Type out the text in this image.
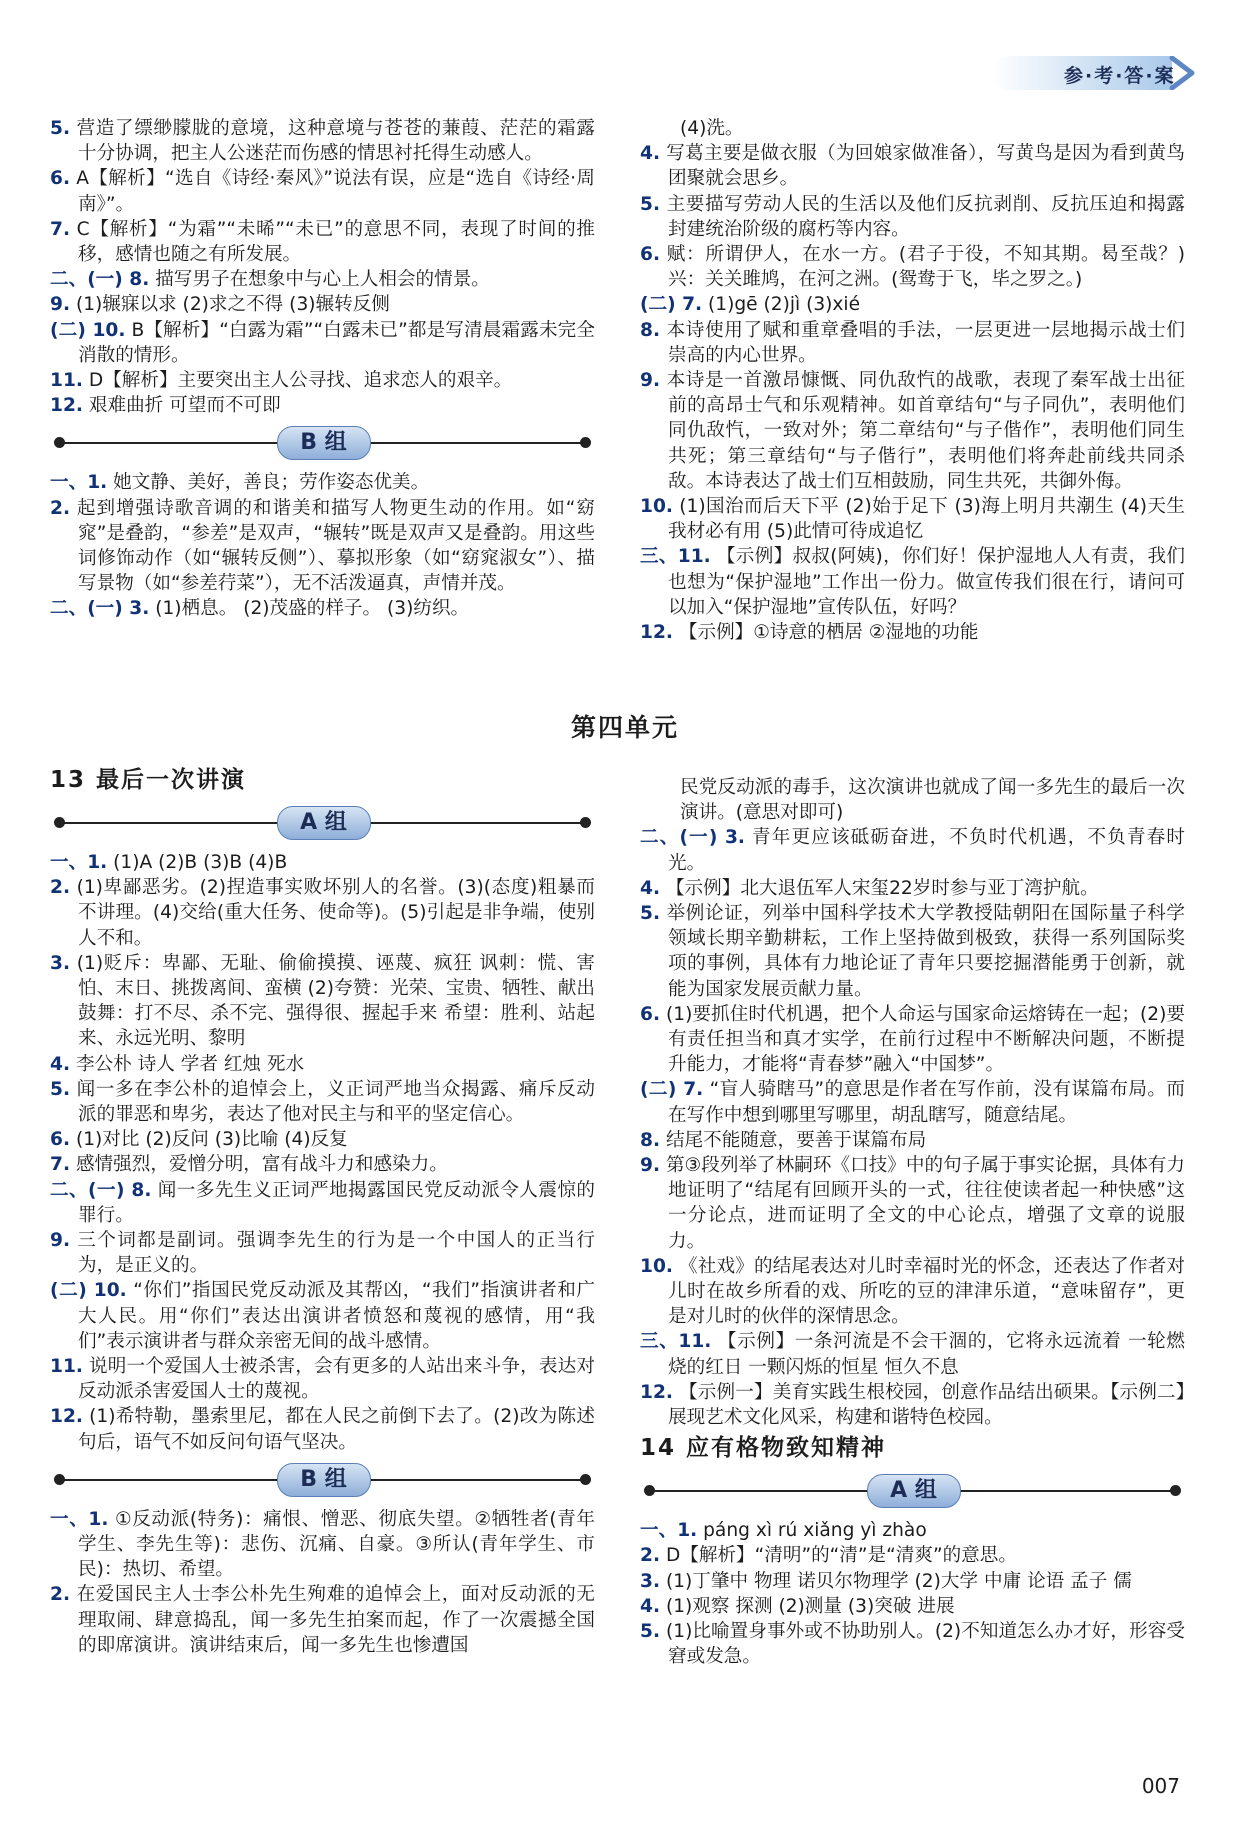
参·考·答·案

5. 营造了缥缈朦胧的意境，这种意境与苍苍的蒹葭、茫茫的霜露十分协调，把主人公迷茫而伤感的情思衬托得生动感人。

6. A【解析】“选自《诗经·秦风》”说法有误，应是“选自《诗经·周南》”。

7. C【解析】“为霜”“未晞”“未已”的意思不同，表现了时间的推移，感情也随之有所发展。

二、(一) 8. 描写男子在想象中与心上人相会的情景。

9. (1)辗寐以求 (2)求之不得 (3)辗转反侧

(二) 10. B【解析】“白露为霜”“白露未已”都是写清晨霜露未完全消散的情形。

11. D【解析】主要突出主人公寻找、追求恋人的艰辛。

12. 艰难曲折 可望而不可即

B 组

一、1. 她文静、美好，善良；劳作姿态优美。

2. 起到增强诗歌音调的和谐美和描写人物更生动的作用。如“窈窕”是叠韵，“参差”是双声，“辗转”既是双声又是叠韵。用这些词修饰动作（如“辗转反侧”）、摹拟形象（如“窈窕淑女”）、描写景物（如“参差荇菜”），无不活泼逼真，声情并茂。

二、(一) 3. (1)栖息。 (2)茂盛的样子。 (3)纺织。

(4)洗。

4. 写葛主要是做衣服（为回娘家做准备），写黄鸟是因为看到黄鸟团聚就会思乡。

5. 主要描写劳动人民的生活以及他们反抗剥削、反抗压迫和揭露封建统治阶级的腐朽等内容。

6. 赋：所谓伊人，在水一方。(君子于役，不知其期。曷至哉？)兴：关关雎鸠，在河之洲。(鸳鸯于飞，毕之罗之。)

(二) 7. (1)gē (2)jì (3)xié

8. 本诗使用了赋和重章叠唱的手法，一层更进一层地揭示战士们崇高的内心世界。

9. 本诗是一首激昂慷慨、同仇敌忾的战歌，表现了秦军战士出征前的高昂士气和乐观精神。如首章结句“与子同仇”，表明他们同仇敌忾，一致对外；第二章结句“与子偕作”，表明他们同生共死；第三章结句“与子偕行”，表明他们将奔赴前线共同杀敌。本诗表达了战士们互相鼓励，同生共死，共御外侮。

10. (1)国治而后天下平 (2)始于足下 (3)海上明月共潮生 (4)天生我材必有用 (5)此情可待成追忆

三、11. 【示例】叔叔(阿姨)，你们好！保护湿地人人有责，我们也想为“保护湿地”工作出一份力。做宣传我们很在行，请问可以加入“保护湿地”宣传队伍，好吗？

12. 【示例】①诗意的栖居 ②湿地的功能

第四单元

13 最后一次讲演

A 组

一、1. (1)A (2)B (3)B (4)B

2. (1)卑鄙恶劣。(2)捏造事实败坏别人的名誉。(3)(态度)粗暴而不讲理。(4)交给(重大任务、使命等)。(5)引起是非争端，使别人不和。

3. (1)贬斥：卑鄙、无耻、偷偷摸摸、诬蔑、疯狂 讽刺：慌、害怕、末日、挑拨离间、蛮横 (2)夸赞：光荣、宝贵、牺牲、献出 鼓舞：打不尽、杀不完、强得很、握起手来 希望：胜利、站起来、永远光明、黎明

4. 李公朴 诗人 学者 红烛 死水

5. 闻一多在李公朴的追悼会上，义正词严地当众揭露、痛斥反动派的罪恶和卑劣，表达了他对民主与和平的坚定信心。

6. (1)对比 (2)反问 (3)比喻 (4)反复

7. 感情强烈，爱憎分明，富有战斗力和感染力。

二、(一) 8. 闻一多先生义正词严地揭露国民党反动派令人震惊的罪行。

9. 三个词都是副词。强调李先生的行为是一个中国人的正当行为，是正义的。

(二) 10. “你们”指国民党反动派及其帮凶，“我们”指演讲者和广大人民。用“你们”表达出演讲者愤怒和蔑视的感情，用“我们”表示演讲者与群众亲密无间的战斗感情。

11. 说明一个爱国人士被杀害，会有更多的人站出来斗争，表达对反动派杀害爱国人士的蔑视。

12. (1)希特勒，墨索里尼，都在人民之前倒下去了。(2)改为陈述句后，语气不如反问句语气坚决。

B 组

一、1. ①反动派(特务)：痛恨、憎恶、彻底失望。②牺牲者(青年学生、李先生等)：悲伤、沉痛、自豪。③所认(青年学生、市民)：热切、希望。

2. 在爱国民主人士李公朴先生殉难的追悼会上，面对反动派的无理取闹、肆意捣乱，闻一多先生拍案而起，作了一次震撼全国的即席演讲。演讲结束后，闻一多先生也惨遭国

民党反动派的毒手，这次演讲也就成了闻一多先生的最后一次演讲。(意思对即可)

二、(一) 3. 青年更应该砥砺奋进，不负时代机遇，不负青春时光。

4. 【示例】北大退伍军人宋玺22岁时参与亚丁湾护航。

5. 举例论证，列举中国科学技术大学教授陆朝阳在国际量子科学领域长期辛勤耕耘，工作上坚持做到极致，获得一系列国际奖项的事例，具体有力地论证了青年只要挖掘潜能勇于创新，就能为国家发展贡献力量。

6. (1)要抓住时代机遇，把个人命运与国家命运熔铸在一起；(2)要有责任担当和真才实学，在前行过程中不断解决问题，不断提升能力，才能将“青春梦”融入“中国梦”。

(二) 7. “盲人骑瞎马”的意思是作者在写作前，没有谋篇布局。而在写作中想到哪里写哪里，胡乱瞎写，随意结尾。

8. 结尾不能随意，要善于谋篇布局

9. 第③段列举了林嗣环《口技》中的句子属于事实论据，具体有力地证明了“结尾有回顾开头的一式，往往使读者起一种快感”这一分论点，进而证明了全文的中心论点，增强了文章的说服力。

10. 《社戏》的结尾表达对儿时幸福时光的怀念，还表达了作者对儿时在故乡所看的戏、所吃的豆的津津乐道，“意味留存”，更是对儿时的伙伴的深情思念。

三、11. 【示例】一条河流是不会干涸的，它将永远流着 一轮燃烧的红日 一颗闪烁的恒星 恒久不息

12. 【示例一】美育实践生根校园，创意作品结出硕果。【示例二】展现艺术文化风采，构建和谐特色校园。

14 应有格物致知精神

A 组

一、1. páng xì rú xiǎng yì zhào

2. D【解析】“清明”的“清”是“清爽”的意思。

3. (1)丁肇中 物理 诺贝尔物理学 (2)大学 中庸 论语 孟子 儒

4. (1)观察 探测 (2)测量 (3)突破 进展

5. (1)比喻置身事外或不协助别人。(2)不知道怎么办才好，形容受窘或发急。

007
